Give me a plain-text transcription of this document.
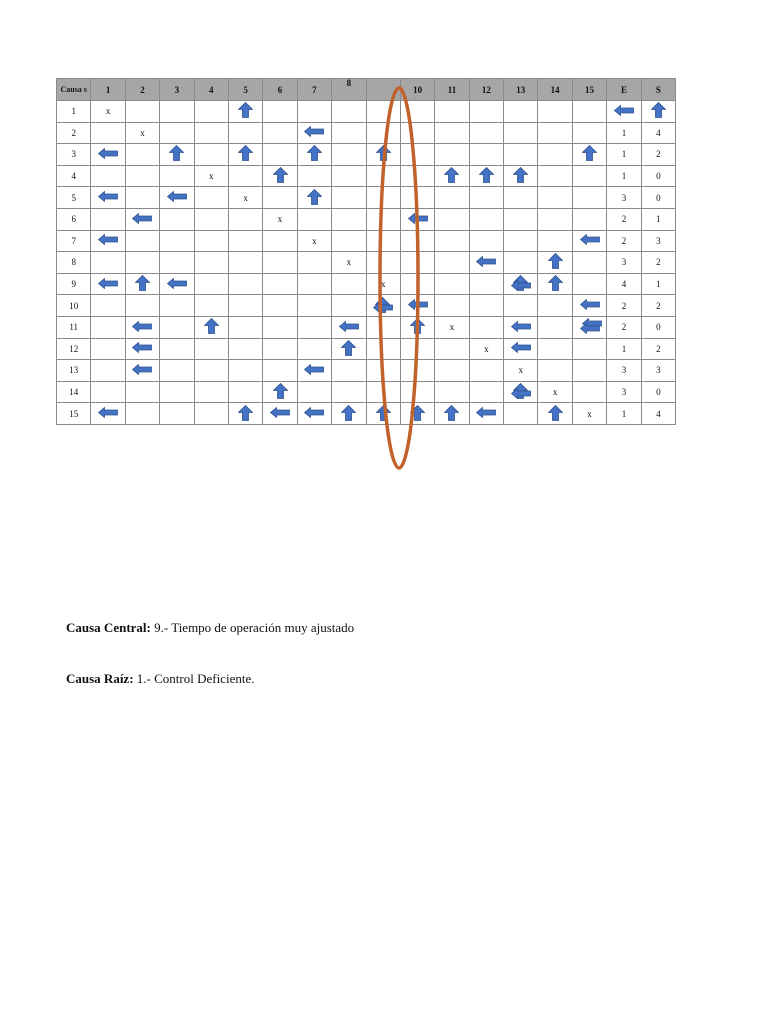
Causa s	1	2	3	4	5	6	7	8		10	11	12	13	14	15	E	S
1	x				

2		x														1	4
3																1	2
4				x												1	0
5					x											3	0
6						x										2	1
7							x									2	3
8								x								3	2
9									x							4	1
10																2	2
11											x					2	0
12												x				1	2
13													x			3	3
14														x		3	0
15															x	1	4
Causa Central: 9.- Tiempo de operación muy ajustado
Causa Raíz: 1.- Control Deficiente.
